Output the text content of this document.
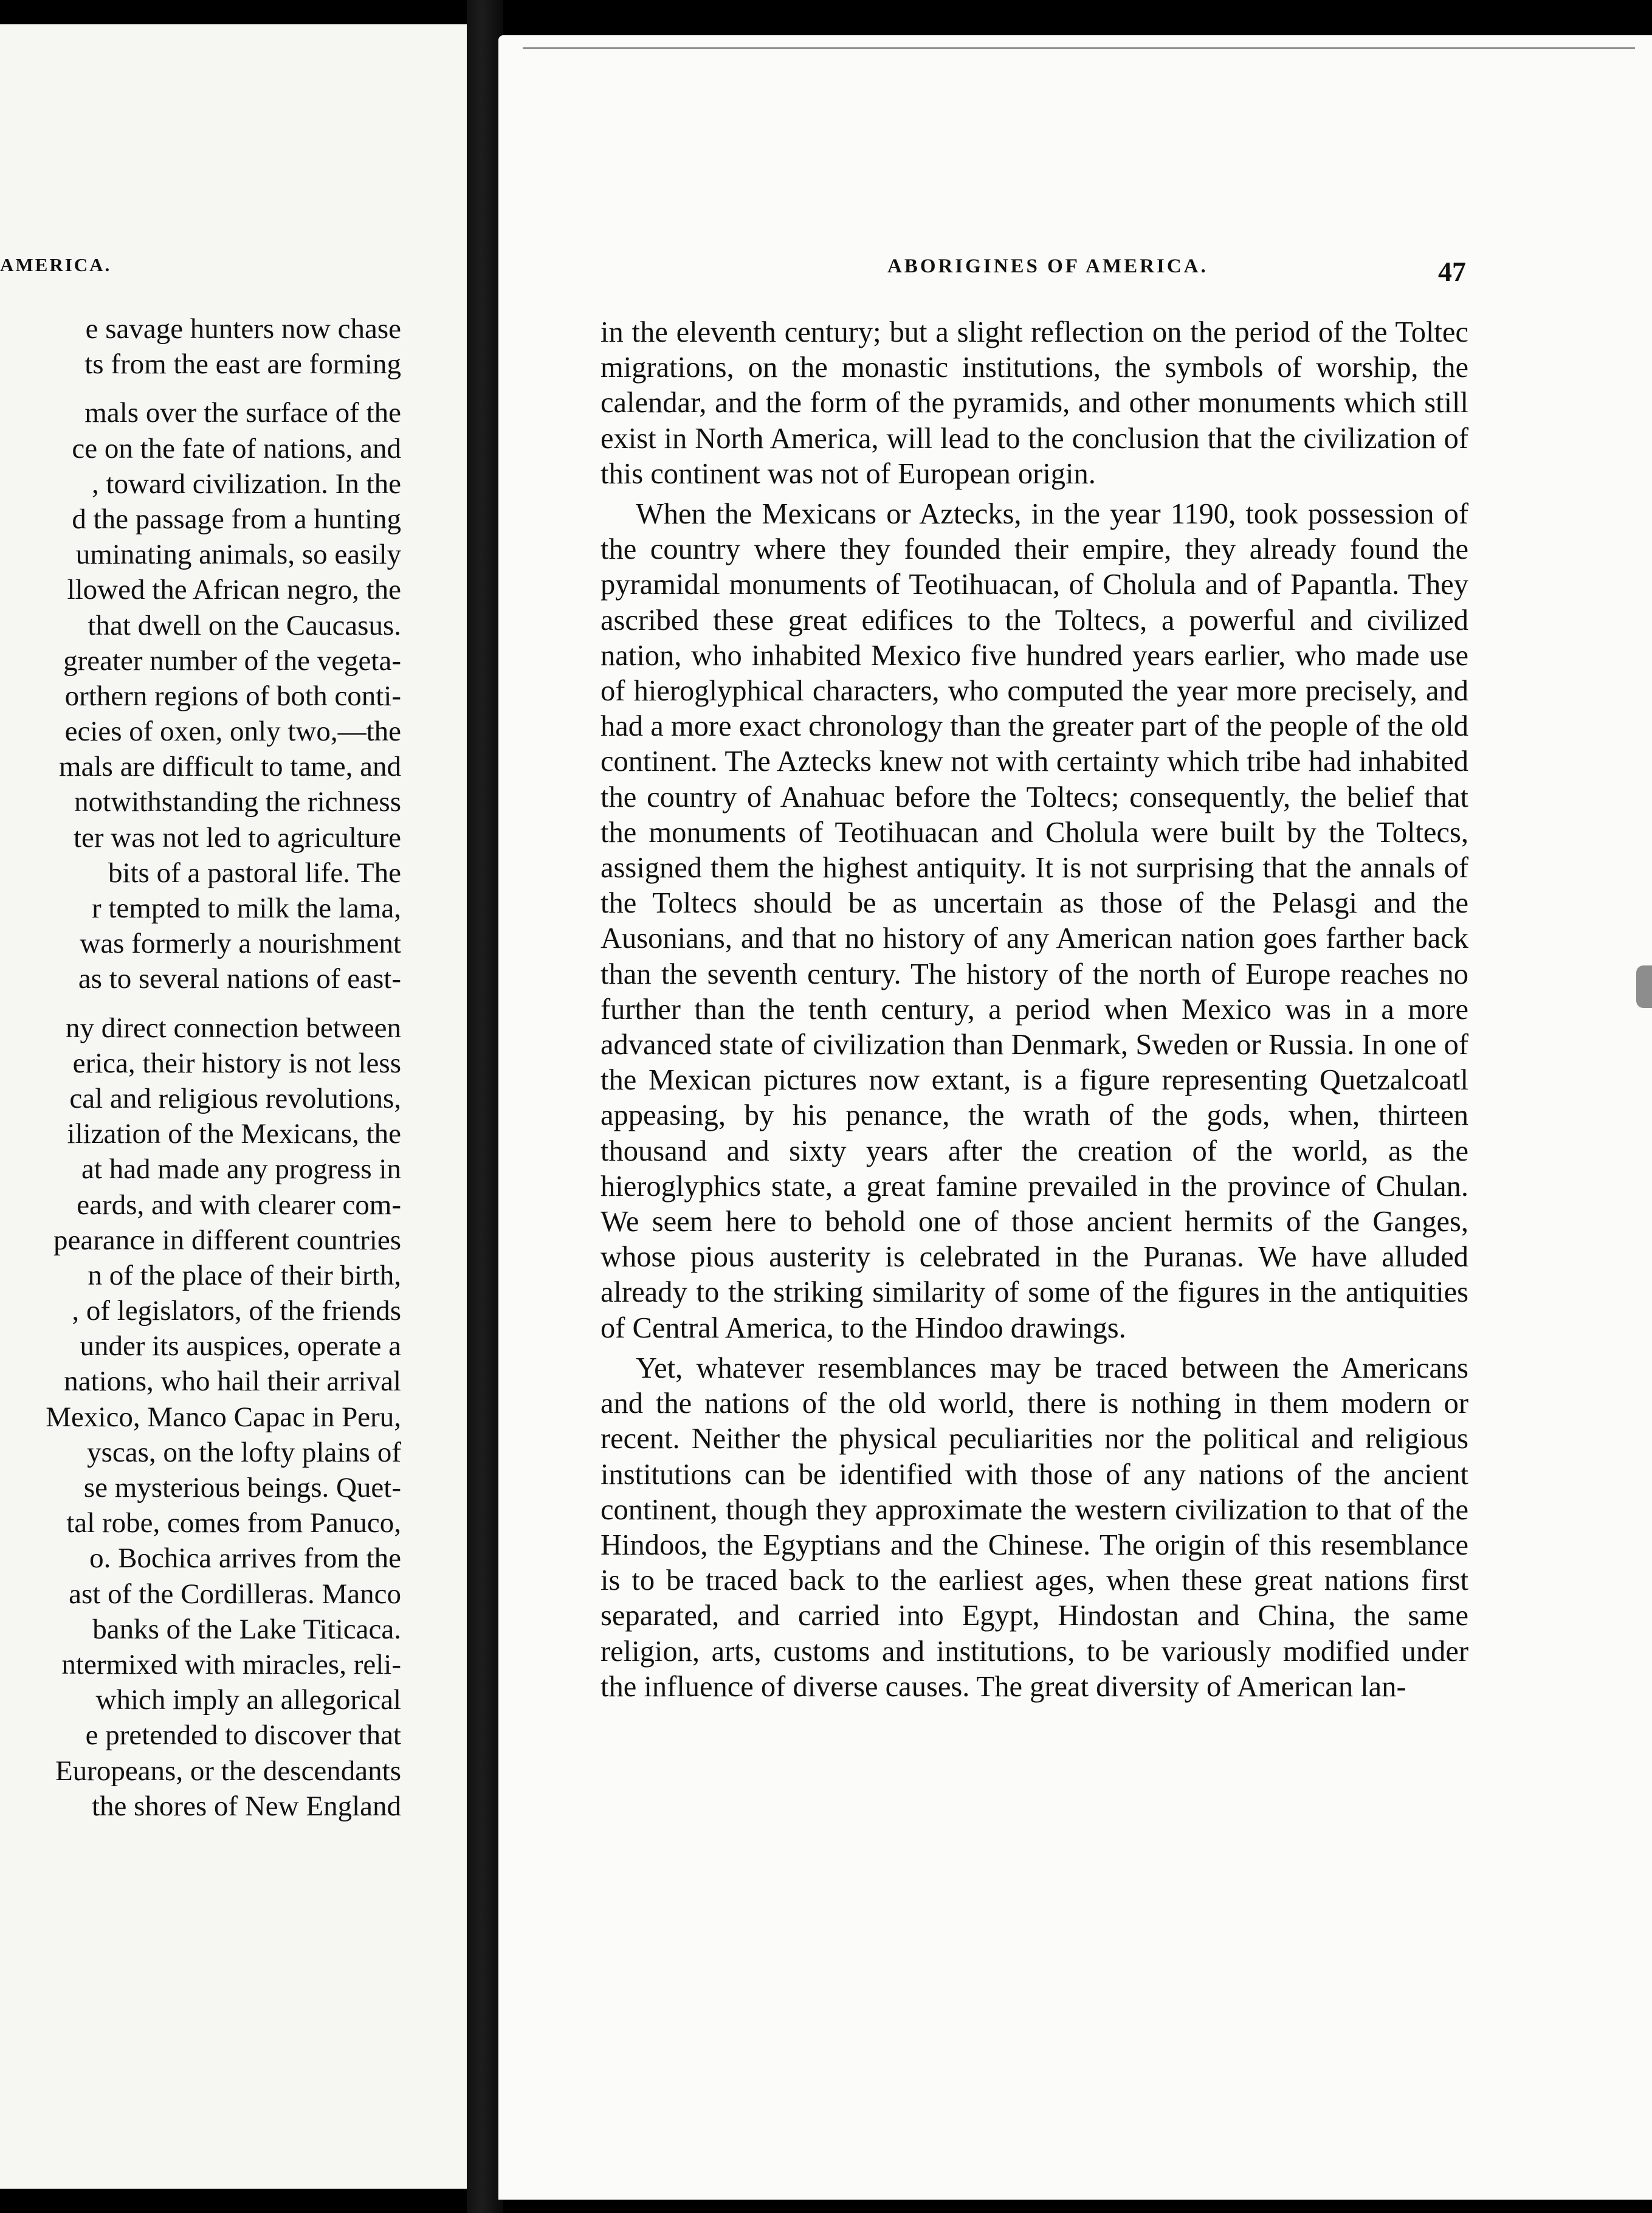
AMERICA.
e savage hunters now chase
ts from the east are forming
mals over the surface of the
ce on the fate of nations, and
, toward civilization. In the
d the passage from a hunting
uminating animals, so easily
llowed the African negro, the
that dwell on the Caucasus.
greater number of the vegeta-
orthern regions of both conti-
ecies of oxen, only two,—the
mals are difficult to tame, and
notwithstanding the richness
ter was not led to agriculture
bits of a pastoral life. The
r tempted to milk the lama,
was formerly a nourishment
as to several nations of east-
ny direct connection between
erica, their history is not less
cal and religious revolutions,
ilization of the Mexicans, the
at had made any progress in
eards, and with clearer com-
pearance in different countries
n of the place of their birth,
, of legislators, of the friends
under its auspices, operate a
nations, who hail their arrival
Mexico, Manco Capac in Peru,
yscas, on the lofty plains of
se mysterious beings. Quet-
tal robe, comes from Panuco,
o. Bochica arrives from the
ast of the Cordilleras. Manco
banks of the Lake Titicaca.
ntermixed with miracles, reli-
which imply an allegorical
e pretended to discover that
Europeans, or the descendants
the shores of New England
ABORIGINES OF AMERICA.	47

in the eleventh century; but a slight reflection on the period of the Toltec migrations, on the monastic institutions, the symbols of worship, the calendar, and the form of the pyramids, and other monuments which still exist in North America, will lead to the conclusion that the civilization of this continent was not of European origin.

When the Mexicans or Aztecks, in the year 1190, took possession of the country where they founded their empire, they already found the pyramidal monuments of Teotihuacan, of Cholula and of Papantla. They ascribed these great edifices to the Toltecs, a powerful and civilized nation, who inhabited Mexico five hundred years earlier, who made use of hieroglyphical characters, who computed the year more precisely, and had a more exact chronology than the greater part of the people of the old continent. The Aztecks knew not with certainty which tribe had inhabited the country of Anahuac before the Toltecs; consequently, the belief that the monuments of Teotihuacan and Cholula were built by the Toltecs, assigned them the highest antiquity. It is not surprising that the annals of the Toltecs should be as uncertain as those of the Pelasgi and the Ausonians, and that no history of any American nation goes farther back than the seventh century. The history of the north of Europe reaches no further than the tenth century, a period when Mexico was in a more advanced state of civilization than Denmark, Sweden or Russia. In one of the Mexican pictures now extant, is a figure representing Quetzalcoatl appeasing, by his penance, the wrath of the gods, when, thirteen thousand and sixty years after the creation of the world, as the hieroglyphics state, a great famine prevailed in the province of Chulan. We seem here to behold one of those ancient hermits of the Ganges, whose pious austerity is celebrated in the Puranas. We have alluded already to the striking similarity of some of the figures in the antiquities of Central America, to the Hindoo drawings.

Yet, whatever resemblances may be traced between the Americans and the nations of the old world, there is nothing in them modern or recent. Neither the physical peculiarities nor the political and religious institutions can be identified with those of any nations of the ancient continent, though they approximate the western civilization to that of the Hindoos, the Egyptians and the Chinese. The origin of this resemblance is to be traced back to the earliest ages, when these great nations first separated, and carried into Egypt, Hindostan and China, the same religion, arts, customs and institutions, to be variously modified under the influence of diverse causes. The great diversity of American lan-
